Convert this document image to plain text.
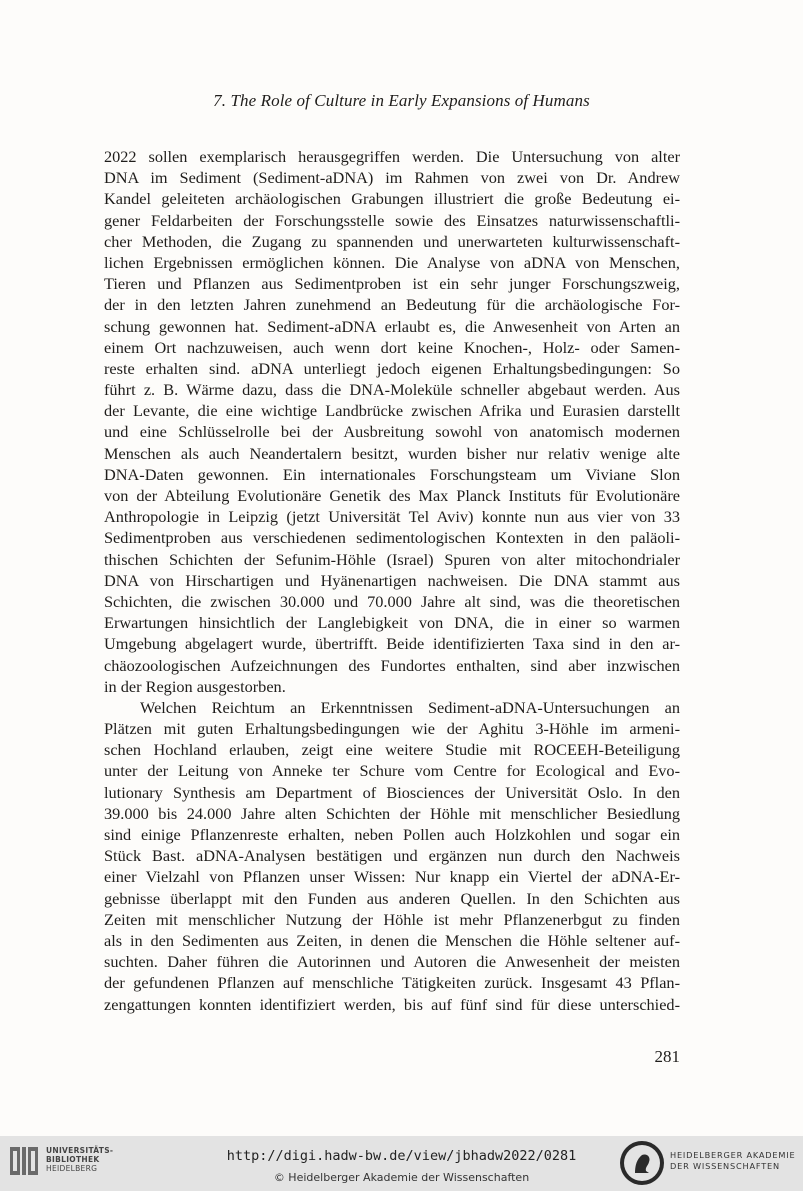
7. The Role of Culture in Early Expansions of Humans
2022 sollen exemplarisch herausgegriffen werden. Die Untersuchung von alter
DNA im Sediment (Sediment-aDNA) im Rahmen von zwei von Dr. Andrew
Kandel geleiteten archäologischen Grabungen illustriert die große Bedeutung ei-
gener Feldarbeiten der Forschungsstelle sowie des Einsatzes naturwissenschaftli-
cher Methoden, die Zugang zu spannenden und unerwarteten kulturwissenschaft-
lichen Ergebnissen ermöglichen können. Die Analyse von aDNA von Menschen,
Tieren und Pflanzen aus Sedimentproben ist ein sehr junger Forschungszweig,
der in den letzten Jahren zunehmend an Bedeutung für die archäologische For-
schung gewonnen hat. Sediment-aDNA erlaubt es, die Anwesenheit von Arten an
einem Ort nachzuweisen, auch wenn dort keine Knochen-, Holz- oder Samen-
reste erhalten sind. aDNA unterliegt jedoch eigenen Erhaltungsbedingungen: So
führt z. B. Wärme dazu, dass die DNA-Moleküle schneller abgebaut werden. Aus
der Levante, die eine wichtige Landbrücke zwischen Afrika und Eurasien darstellt
und eine Schlüsselrolle bei der Ausbreitung sowohl von anatomisch modernen
Menschen als auch Neandertalern besitzt, wurden bisher nur relativ wenige alte
DNA-Daten gewonnen. Ein internationales Forschungsteam um Viviane Slon
von der Abteilung Evolutionäre Genetik des Max Planck Instituts für Evolutionäre
Anthropologie in Leipzig (jetzt Universität Tel Aviv) konnte nun aus vier von 33
Sedimentproben aus verschiedenen sedimentologischen Kontexten in den paläoli-
thischen Schichten der Sefunim-Höhle (Israel) Spuren von alter mitochondrialer
DNA von Hirschartigen und Hyänenartigen nachweisen. Die DNA stammt aus
Schichten, die zwischen 30.000 und 70.000 Jahre alt sind, was die theoretischen
Erwartungen hinsichtlich der Langlebigkeit von DNA, die in einer so warmen
Umgebung abgelagert wurde, übertrifft. Beide identifizierten Taxa sind in den ar-
chäozoologischen Aufzeichnungen des Fundortes enthalten, sind aber inzwischen
in der Region ausgestorben.
Welchen Reichtum an Erkenntnissen Sediment-aDNA-Untersuchungen an
Plätzen mit guten Erhaltungsbedingungen wie der Aghitu 3-Höhle im armeni-
schen Hochland erlauben, zeigt eine weitere Studie mit ROCEEH-Beteiligung
unter der Leitung von Anneke ter Schure vom Centre for Ecological and Evo-
lutionary Synthesis am Department of Biosciences der Universität Oslo. In den
39.000 bis 24.000 Jahre alten Schichten der Höhle mit menschlicher Besiedlung
sind einige Pflanzenreste erhalten, neben Pollen auch Holzkohlen und sogar ein
Stück Bast. aDNA-Analysen bestätigen und ergänzen nun durch den Nachweis
einer Vielzahl von Pflanzen unser Wissen: Nur knapp ein Viertel der aDNA-Er-
gebnisse überlappt mit den Funden aus anderen Quellen. In den Schichten aus
Zeiten mit menschlicher Nutzung der Höhle ist mehr Pflanzenerbgut zu finden
als in den Sedimenten aus Zeiten, in denen die Menschen die Höhle seltener auf-
suchten. Daher führen die Autorinnen und Autoren die Anwesenheit der meisten
der gefundenen Pflanzen auf menschliche Tätigkeiten zurück. Insgesamt 43 Pflan-
zengattungen konnten identifiziert werden, bis auf fünf sind für diese unterschied-
281
UNIVERSITÄTS-
BIBLIOTHEK
HEIDELBERG
http://digi.hadw-bw.de/view/jbhadw2022/0281
© Heidelberger Akademie der Wissenschaften
HEIDELBERGER AKADEMIE
DER WISSENSCHAFTEN
